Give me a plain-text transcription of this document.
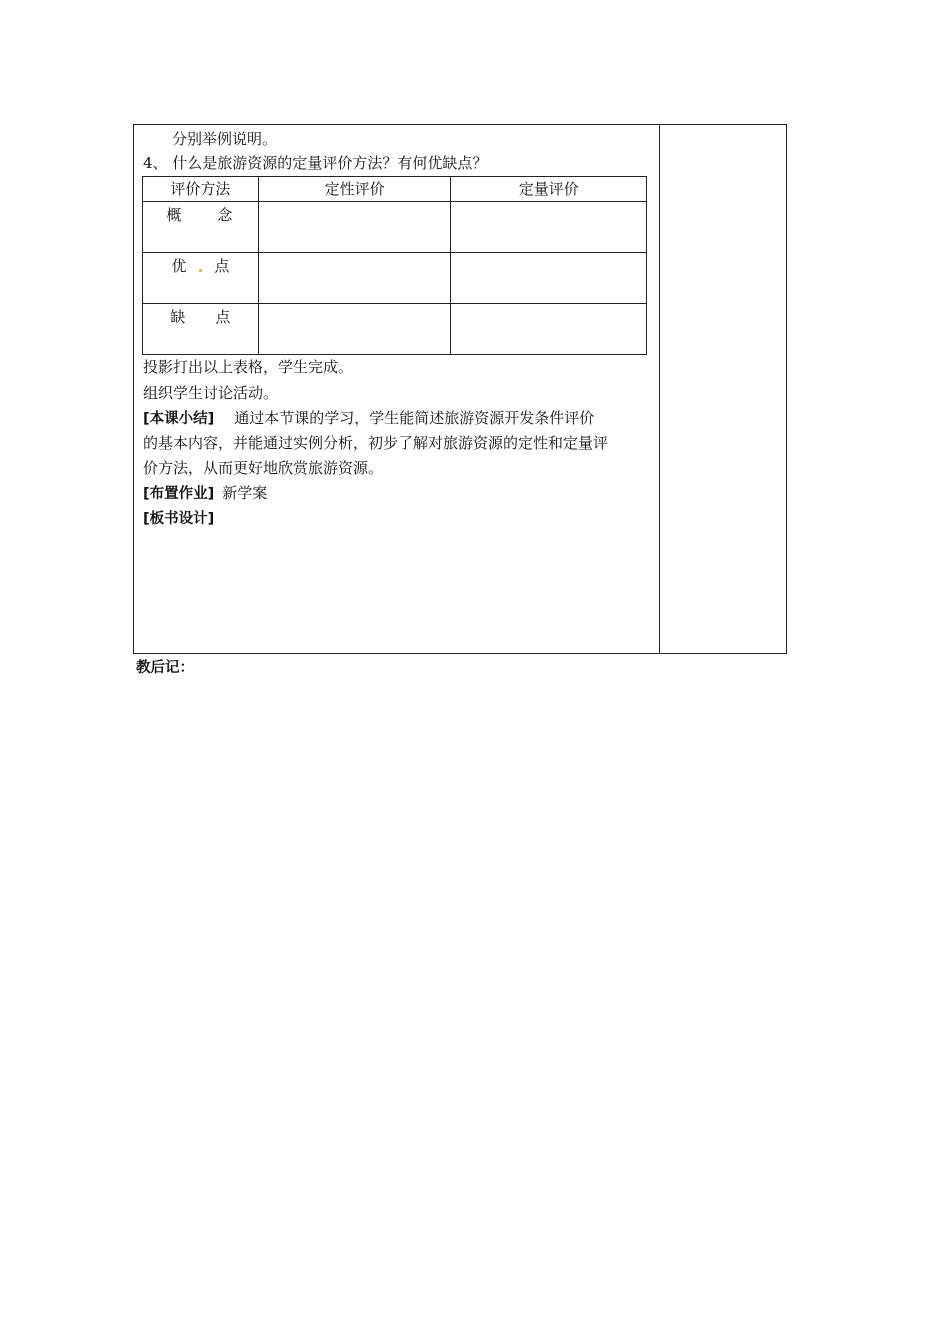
分别举例说明。
4、 什么是旅游资源的定量评价方法？有何优缺点？
评价方法	定性评价	定量评价

概 念		

优 点		

缺 点		

投影打出以上表格，学生完成。
组织学生讨论活动。
[本课小结] 通过本节课的学习，学生能简述旅游资源开发条件评价
的基本内容，并能通过实例分析，初步了解对旅游资源的定性和定量评
价方法，从而更好地欣赏旅游资源。
[布置作业] 新学案
[板书设计]
教后记：
